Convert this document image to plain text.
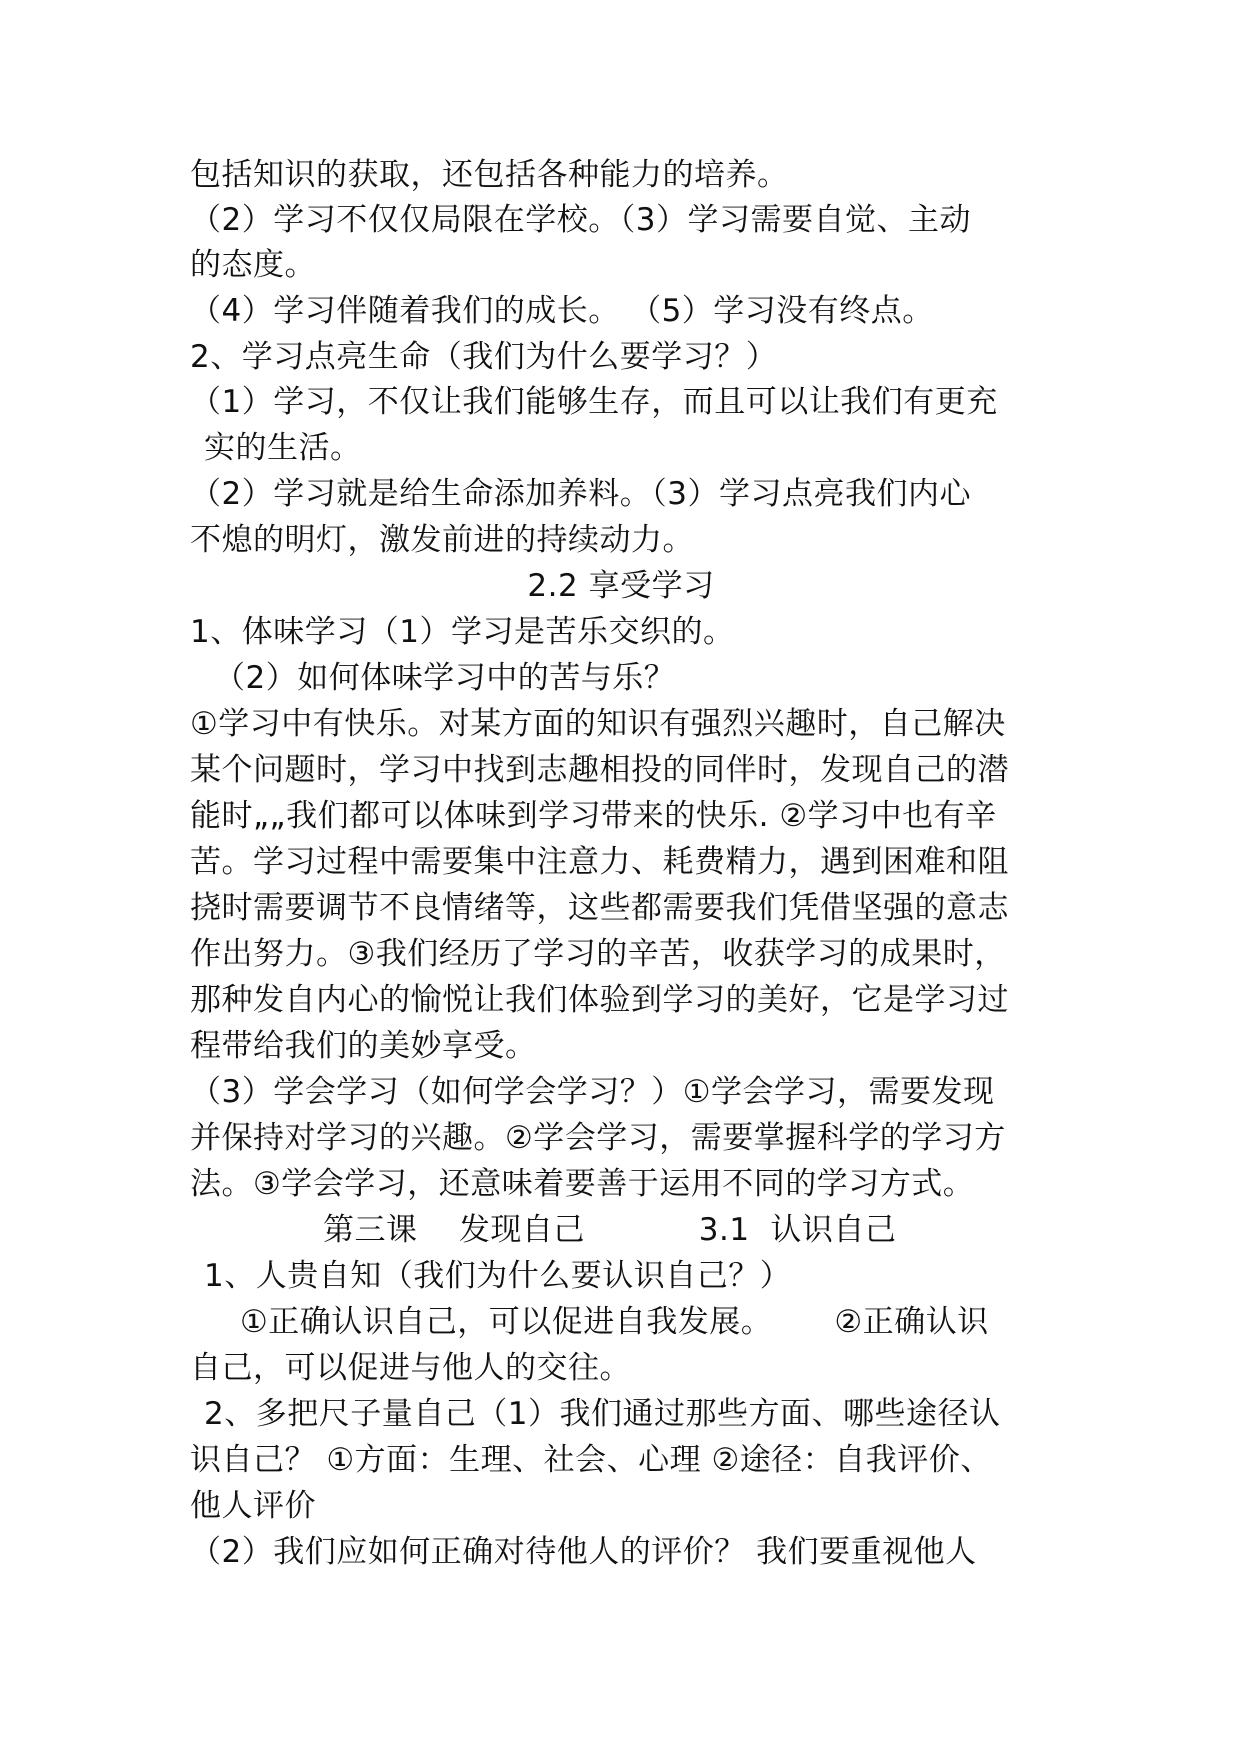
包括知识的获取，还包括各种能力的培养。
（2）学习不仅仅局限在学校。（3）学习需要自觉、主动
的态度。
（4）学习伴随着我们的成长。 （5）学习没有终点。
2、学习点亮生命（我们为什么要学习？）
（1）学习，不仅让我们能够生存，而且可以让我们有更充
实的生活。
（2）学习就是给生命添加养料。（3）学习点亮我们内心
不熄的明灯，激发前进的持续动力。
2.2 享受学习
1、体味学习（1）学习是苦乐交织的。
（2）如何体味学习中的苦与乐？
①学习中有快乐。对某方面的知识有强烈兴趣时，自己解决
某个问题时，学习中找到志趣相投的同伴时，发现自己的潜
能时„„我们都可以体味到学习带来的快乐. ②学习中也有辛
苦。学习过程中需要集中注意力、耗费精力，遇到困难和阻
挠时需要调节不良情绪等，这些都需要我们凭借坚强的意志
作出努力。③我们经历了学习的辛苦，收获学习的成果时，
那种发自内心的愉悦让我们体验到学习的美好，它是学习过
程带给我们的美妙享受。
（3）学会学习（如何学会学习？）①学会学习，需要发现
并保持对学习的兴趣。②学会学习，需要掌握科学的学习方
法。③学会学习，还意味着要善于运用不同的学习方式。
第三课    发现自己           3.1  认识自己
1、人贵自知（我们为什么要认识自己？）
①正确认识自己，可以促进自我发展。      ②正确认识
自己，可以促进与他人的交往。
2、多把尺子量自己（1）我们通过那些方面、哪些途径认
识自己？ ①方面：生理、社会、心理 ②途径：自我评价、
他人评价
（2）我们应如何正确对待他人的评价？ 我们要重视他人
